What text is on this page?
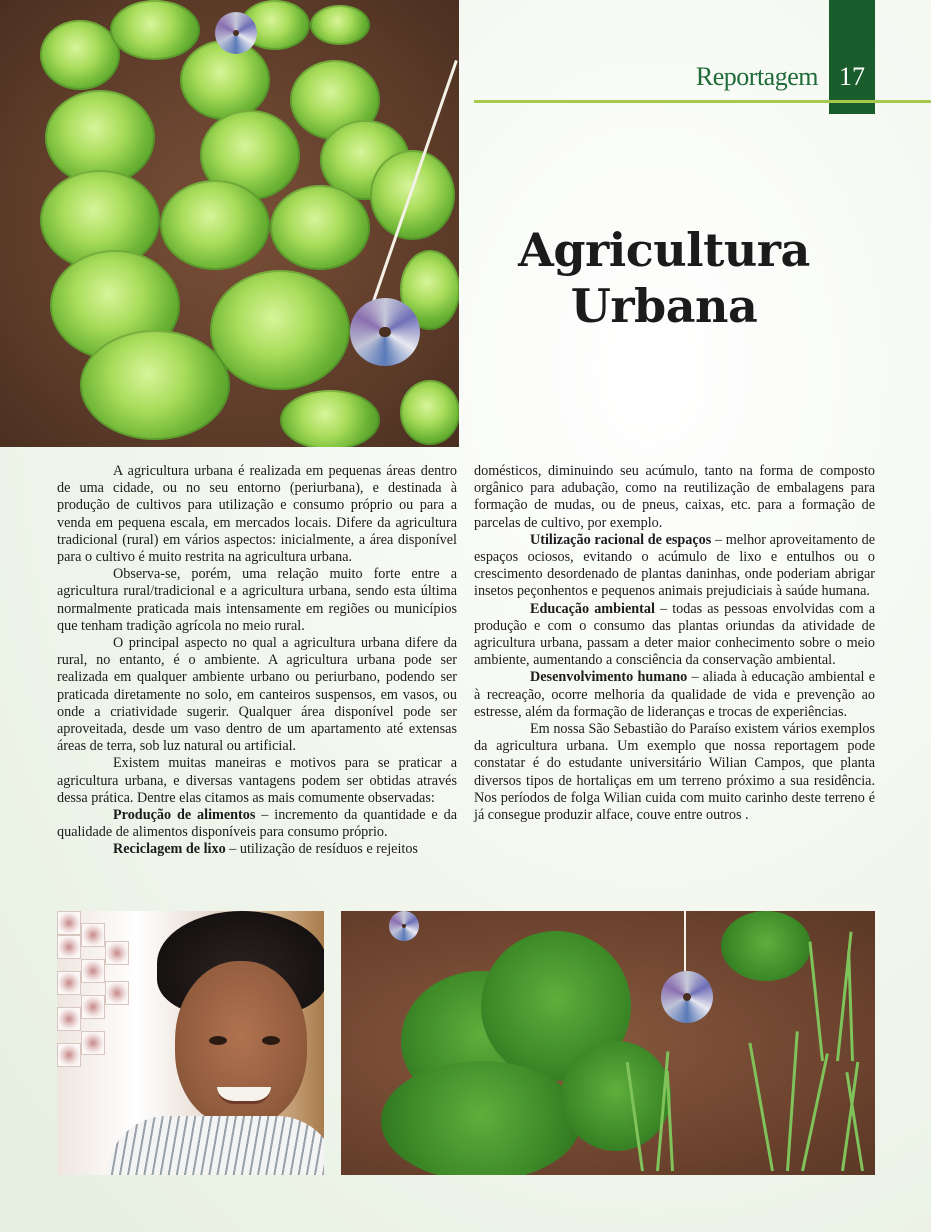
Reportagem 17
Agricultura
Urbana

A agricultura urbana é realizada em pequenas áreas dentro de uma cidade, ou no seu entorno (periurbana), e destinada à produção de cultivos para utilização e consumo próprio ou para a venda em pequena escala, em mercados locais. Difere da agricultura tradicional (rural) em vários aspectos: inicialmente, a área disponível para o cultivo é muito restrita na agricultura urbana.

Observa-se, porém, uma relação muito forte entre a agricultura rural/tradicional e a agricultura urbana, sendo esta última normalmente praticada mais intensamente em regiões ou municípios que tenham tradição agrícola no meio rural.

O principal aspecto no qual a agricultura urbana difere da rural, no entanto, é o ambiente. A agricultura urbana pode ser realizada em qualquer ambiente urbano ou periurbano, podendo ser praticada diretamente no solo, em canteiros suspensos, em vasos, ou onde a criatividade sugerir. Qualquer área disponível pode ser aproveitada, desde um vaso dentro de um apartamento até extensas áreas de terra, sob luz natural ou artificial.

Existem muitas maneiras e motivos para se praticar a agricultura urbana, e diversas vantagens podem ser obtidas através dessa prática. Dentre elas citamos as mais comumente observadas:

Produção de alimentos – incremento da quantidade e da qualidade de alimentos disponíveis para consumo próprio.

Reciclagem de lixo – utilização de resíduos e rejeitos

domésticos, diminuindo seu acúmulo, tanto na forma de composto orgânico para adubação, como na reutilização de embalagens para formação de mudas, ou de pneus, caixas, etc. para a formação de parcelas de cultivo, por exemplo.

Utilização racional de espaços – melhor aproveitamento de espaços ociosos, evitando o acúmulo de lixo e entulhos ou o crescimento desordenado de plantas daninhas, onde poderiam abrigar insetos peçonhentos e pequenos animais prejudiciais à saúde humana.

Educação ambiental – todas as pessoas envolvidas com a produção e com o consumo das plantas oriundas da atividade de agricultura urbana, passam a deter maior conhecimento sobre o meio ambiente, aumentando a consciência da conservação ambiental.

Desenvolvimento humano – aliada à educação ambiental e à recreação, ocorre melhoria da qualidade de vida e prevenção ao estresse, além da formação de lideranças e trocas de experiências.

Em nossa São Sebastião do Paraíso existem vários exemplos da agricultura urbana. Um exemplo que nossa reportagem pode constatar é do estudante universitário Wilian Campos, que planta diversos tipos de hortaliças em um terreno próximo a sua residência. Nos períodos de folga Wilian cuida com muito carinho deste terreno é já consegue produzir alface, couve entre outros .
